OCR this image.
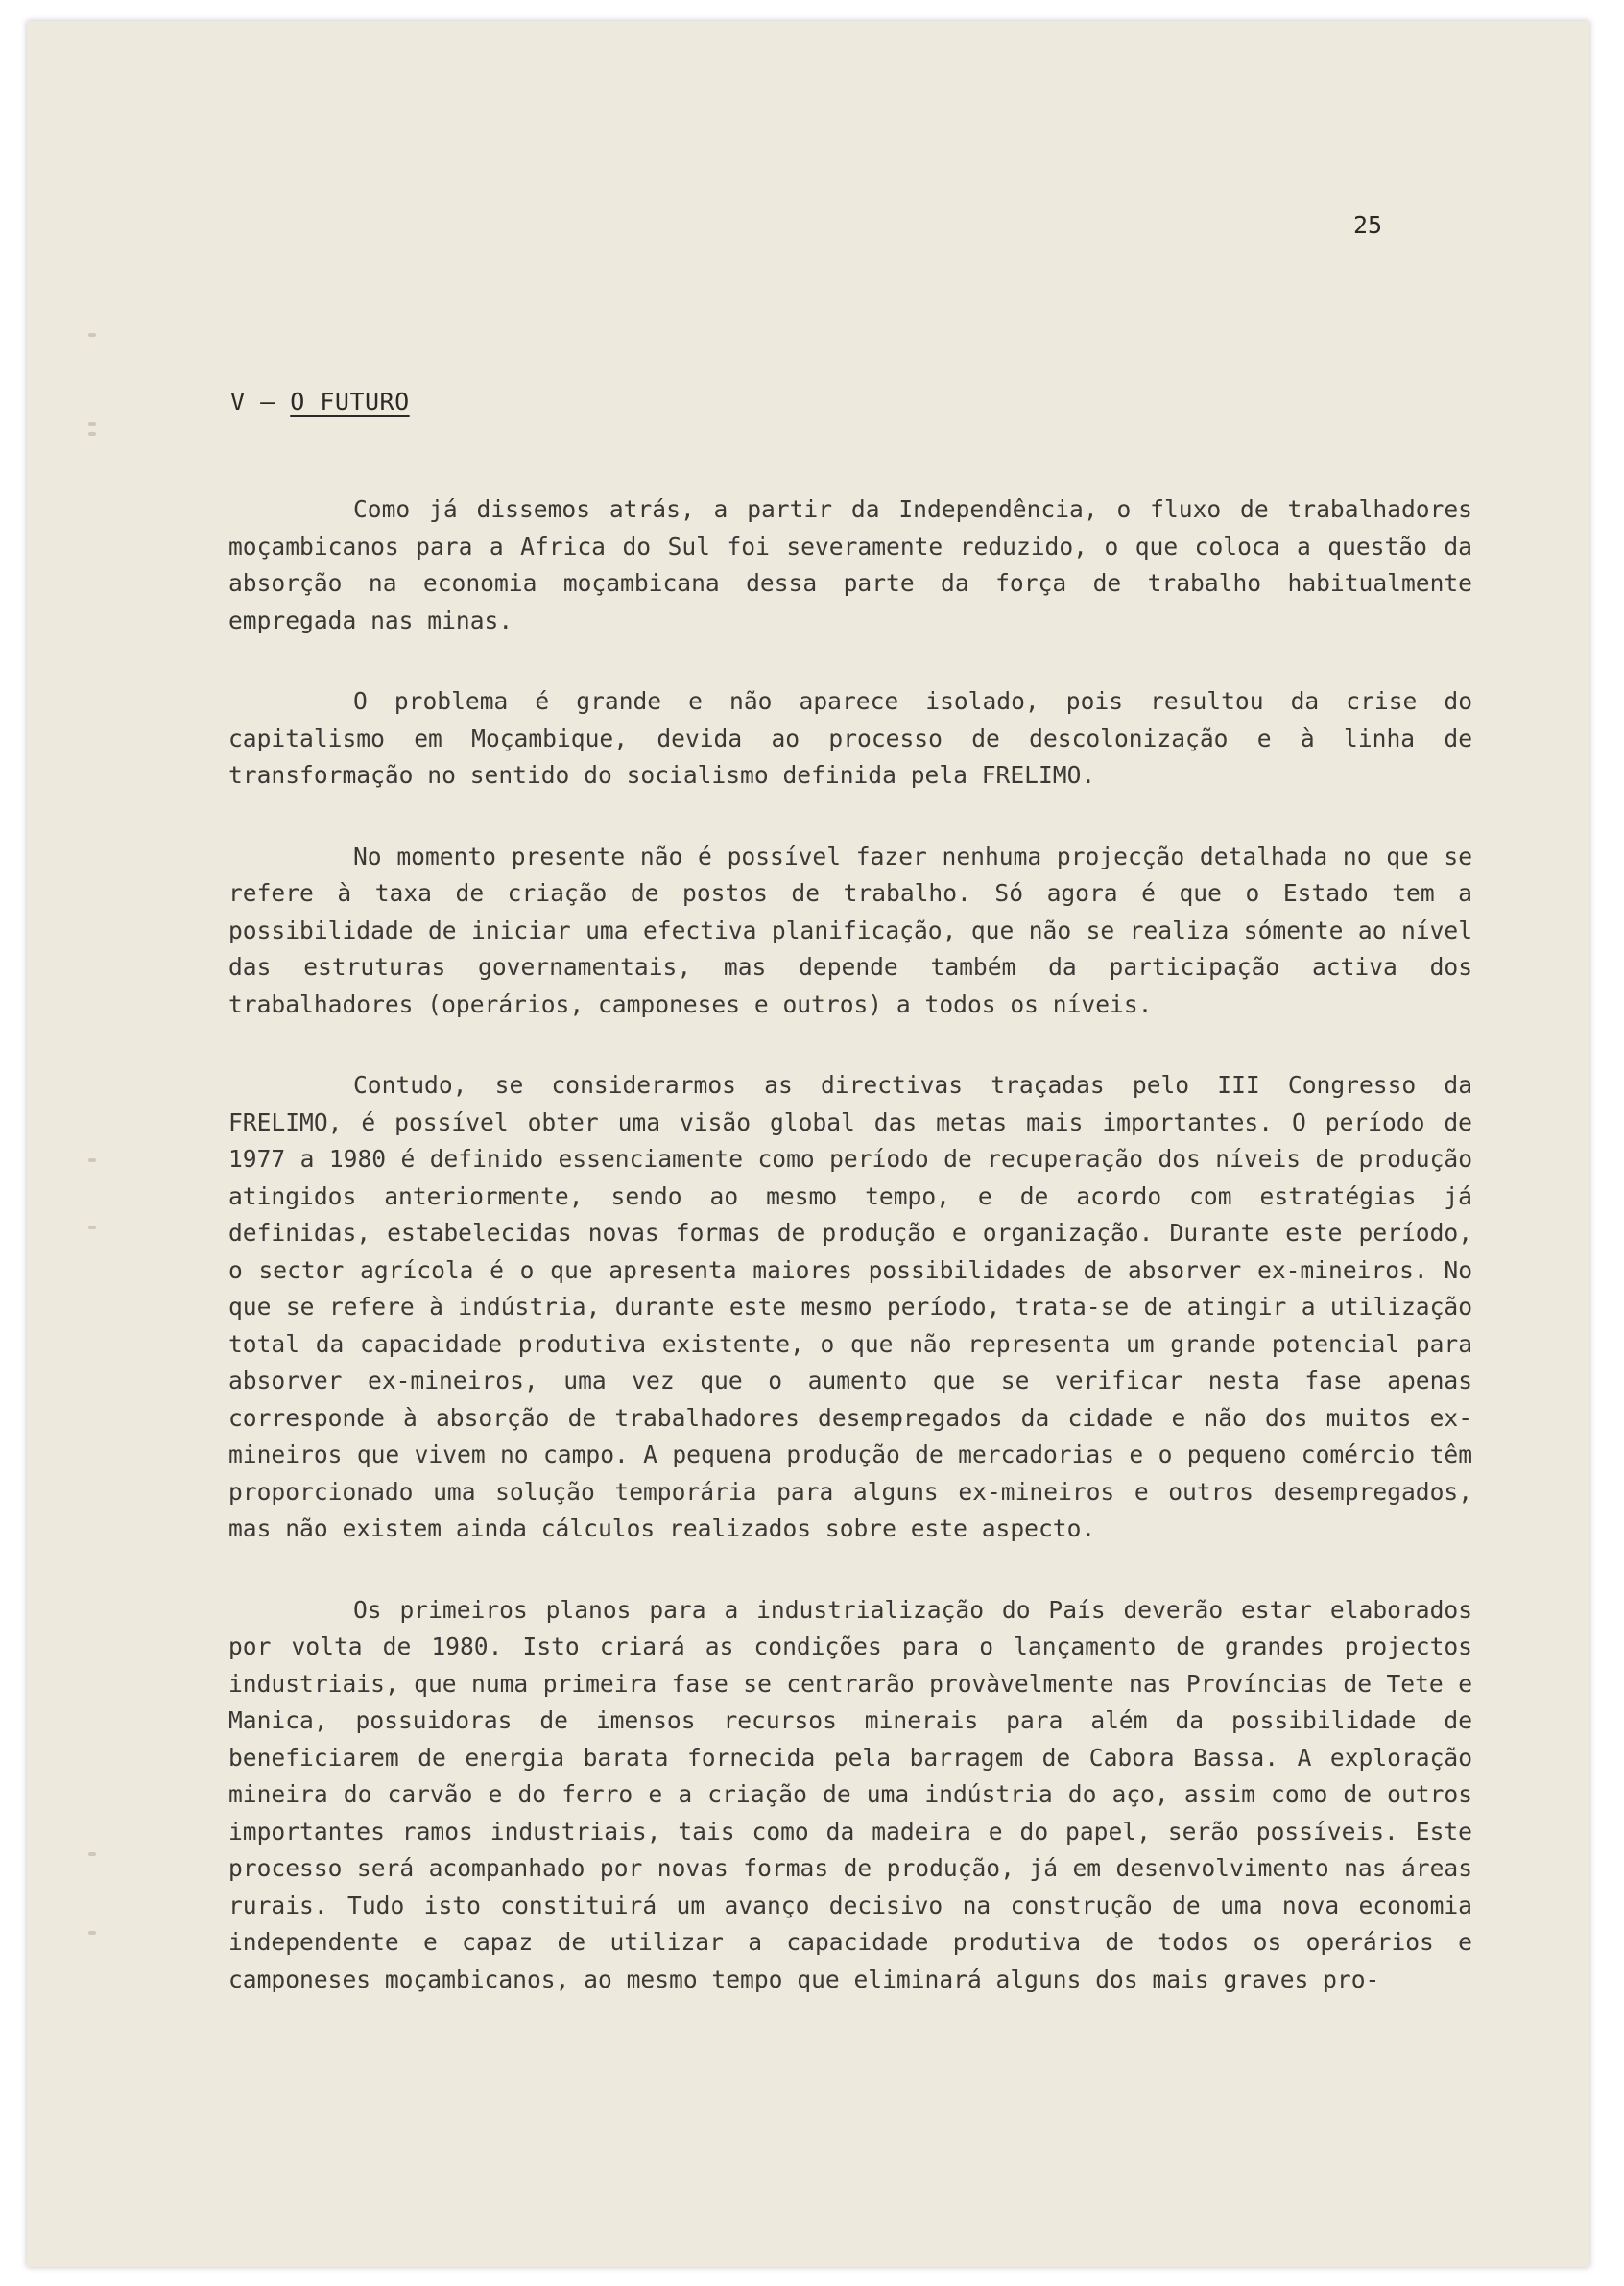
25
V – O FUTURO

Como já dissemos atrás, a partir da Independência, o fluxo de trabalhadores moçambicanos para a Africa do Sul foi severamente reduzido, o que coloca a questão da absorção na economia moçambicana dessa parte da força de trabalho habitualmente empregada nas minas.

O problema é grande e não aparece isolado, pois resultou da crise do capitalismo em Moçambique, devida ao processo de descolonização e à linha de transformação no sentido do socialismo definida pela FRELIMO.

No momento presente não é possível fazer nenhuma projecção detalhada no que se refere à taxa de criação de postos de trabalho. Só agora é que o Estado tem a possibilidade de iniciar uma efectiva planificação, que não se realiza sómente ao nível das estruturas governamentais, mas depende também da participação activa dos trabalhadores (operários, camponeses e outros) a todos os níveis.

Contudo, se considerarmos as directivas traçadas pelo III Congresso da FRELIMO, é possível obter uma visão global das metas mais importantes. O período de 1977 a 1980 é definido essenciamente como período de recuperação dos níveis de produção atingidos anteriormente, sendo ao mesmo tempo, e de acordo com estratégias já definidas, estabelecidas novas formas de produção e organização. Durante este período, o sector agrícola é o que apresenta maiores possibilidades de absorver ex-mineiros. No que se refere à indústria, durante este mesmo período, trata-se de atingir a utilização total da capacidade produtiva existente, o que não representa um grande potencial para absorver ex-mineiros, uma vez que o aumento que se verificar nesta fase apenas corresponde à absorção de trabalhadores desempregados da cidade e não dos muitos ex-mineiros que vivem no campo. A pequena produção de mercadorias e o pequeno comércio têm proporcionado uma solução temporária para alguns ex-mineiros e outros desempregados, mas não existem ainda cálculos realizados sobre este aspecto.

Os primeiros planos para a industrialização do País deverão estar elaborados por volta de 1980. Isto criará as condições para o lançamento de grandes projectos industriais, que numa primeira fase se centrarão provàvelmente nas Províncias de Tete e Manica, possuidoras de imensos recursos minerais para além da possibilidade de beneficiarem de energia barata fornecida pela barragem de Cabora Bassa. A exploração mineira do carvão e do ferro e a criação de uma indústria do aço, assim como de outros importantes ramos industriais, tais como da madeira e do papel, serão possíveis. Este processo será acompanhado por novas formas de produção, já em desenvolvimento nas áreas rurais. Tudo isto constituirá um avanço decisivo na construção de uma nova economia independente e capaz de utilizar a capacidade produtiva de todos os operários e camponeses moçambicanos, ao mesmo tempo que eliminará alguns dos mais graves pro-
